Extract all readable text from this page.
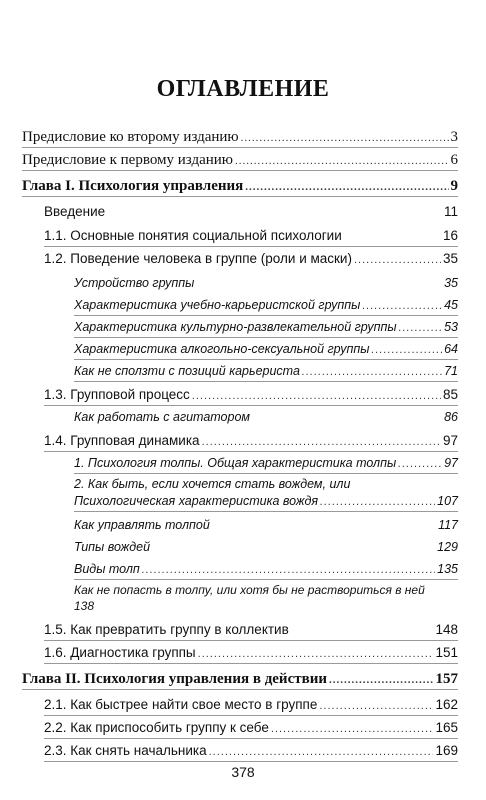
ОГЛАВЛЕНИЕ
Предисловие ко второму изданию .....	3
Предисловие к первому изданию .....	6
Глава I. Психология управления .....	9
Введение	11
1.1. Основные понятия социальной психологии	16
1.2. Поведение человека в группе (роли и маски) .....	35
Устройство группы	35
Характеристика учебно-карьеристской группы .....	45
Характеристика культурно-развлекательной группы .....	53
Характеристика алкогольно-сексуальной группы .....	64
Как не сползти с позиций карьериста .....	71
1.3. Групповой процесс .....	85
Как работать с агитатором	86
1.4. Групповая динамика .....	97
1. Психология толпы. Общая характеристика толпы .....	97
2. Как быть, если хочется стать вождем, или
Психологическая характеристика вождя .....	107
Как управлять толпой	117
Типы вождей	129
Виды толп .....	135
Как не попасть в толпу, или хотя бы не раствориться в ней
138
1.5. Как превратить группу в коллектив	148
1.6. Диагностика группы .....	151
Глава II. Психология управления в действии .....	157
2.1. Как быстрее найти свое место в группе .....	162
2.2. Как приспособить группу к себе .....	165
2.3. Как снять начальника .....	169
378
